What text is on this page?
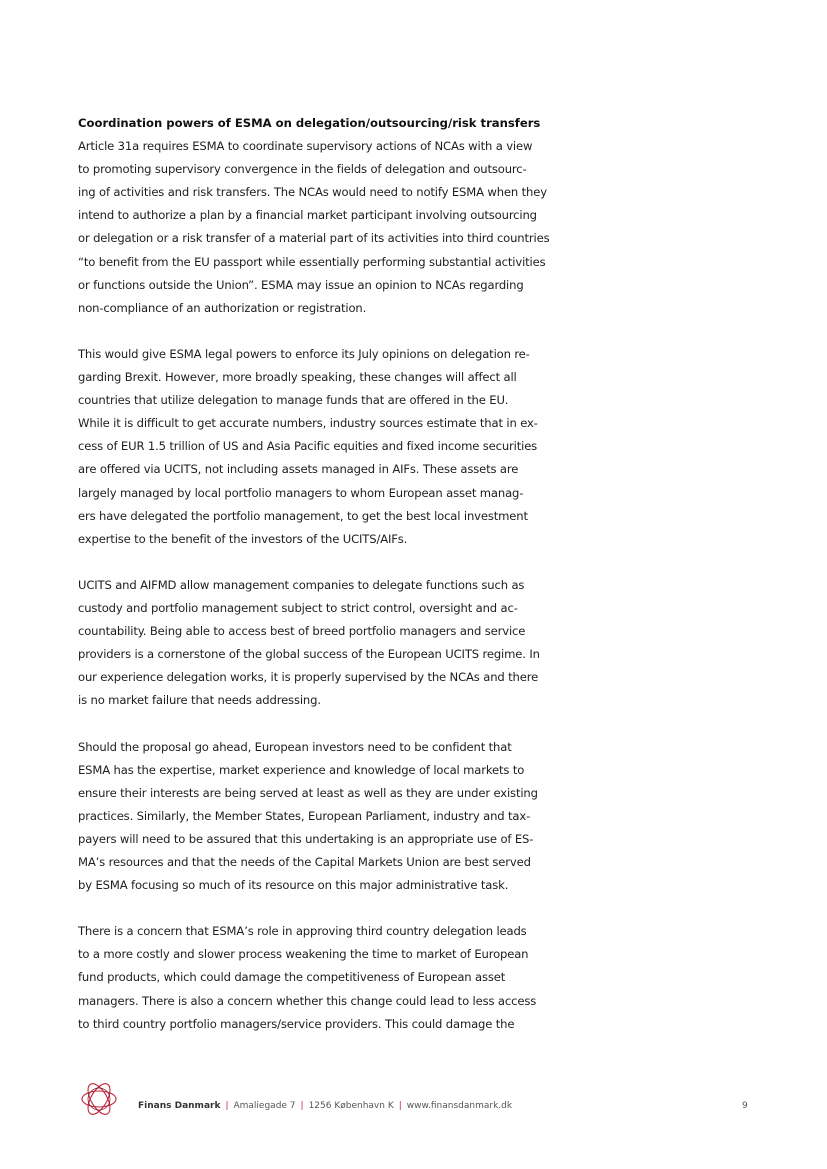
Coordination powers of ESMA on delegation/outsourcing/risk transfers
Article 31a requires ESMA to coordinate supervisory actions of NCAs with a view
to promoting supervisory convergence in the fields of delegation and outsourc-
ing of activities and risk transfers. The NCAs would need to notify ESMA when they
intend to authorize a plan by a financial market participant involving outsourcing
or delegation or a risk transfer of a material part of its activities into third countries
“to benefit from the EU passport while essentially performing substantial activities
or functions outside the Union”. ESMA may issue an opinion to NCAs regarding
non-compliance of an authorization or registration.
This would give ESMA legal powers to enforce its July opinions on delegation re-
garding Brexit. However, more broadly speaking, these changes will affect all
countries that utilize delegation to manage funds that are offered in the EU.
While it is difficult to get accurate numbers, industry sources estimate that in ex-
cess of EUR 1.5 trillion of US and Asia Pacific equities and fixed income securities
are offered via UCITS, not including assets managed in AIFs. These assets are
largely managed by local portfolio managers to whom European asset manag-
ers have delegated the portfolio management, to get the best local investment
expertise to the benefit of the investors of the UCITS/AIFs.
UCITS and AIFMD allow management companies to delegate functions such as
custody and portfolio management subject to strict control, oversight and ac-
countability. Being able to access best of breed portfolio managers and service
providers is a cornerstone of the global success of the European UCITS regime. In
our experience delegation works, it is properly supervised by the NCAs and there
is no market failure that needs addressing.
Should the proposal go ahead, European investors need to be confident that
ESMA has the expertise, market experience and knowledge of local markets to
ensure their interests are being served at least as well as they are under existing
practices. Similarly, the Member States, European Parliament, industry and tax-
payers will need to be assured that this undertaking is an appropriate use of ES-
MA’s resources and that the needs of the Capital Markets Union are best served
by ESMA focusing so much of its resource on this major administrative task.
There is a concern that ESMA’s role in approving third country delegation leads
to a more costly and slower process weakening the time to market of European
fund products, which could damage the competitiveness of European asset
managers. There is also a concern whether this change could lead to less access
to third country portfolio managers/service providers. This could damage the
Finans Danmark | Amaliegade 7 | 1256 København K | www.finansdanmark.dk	9
